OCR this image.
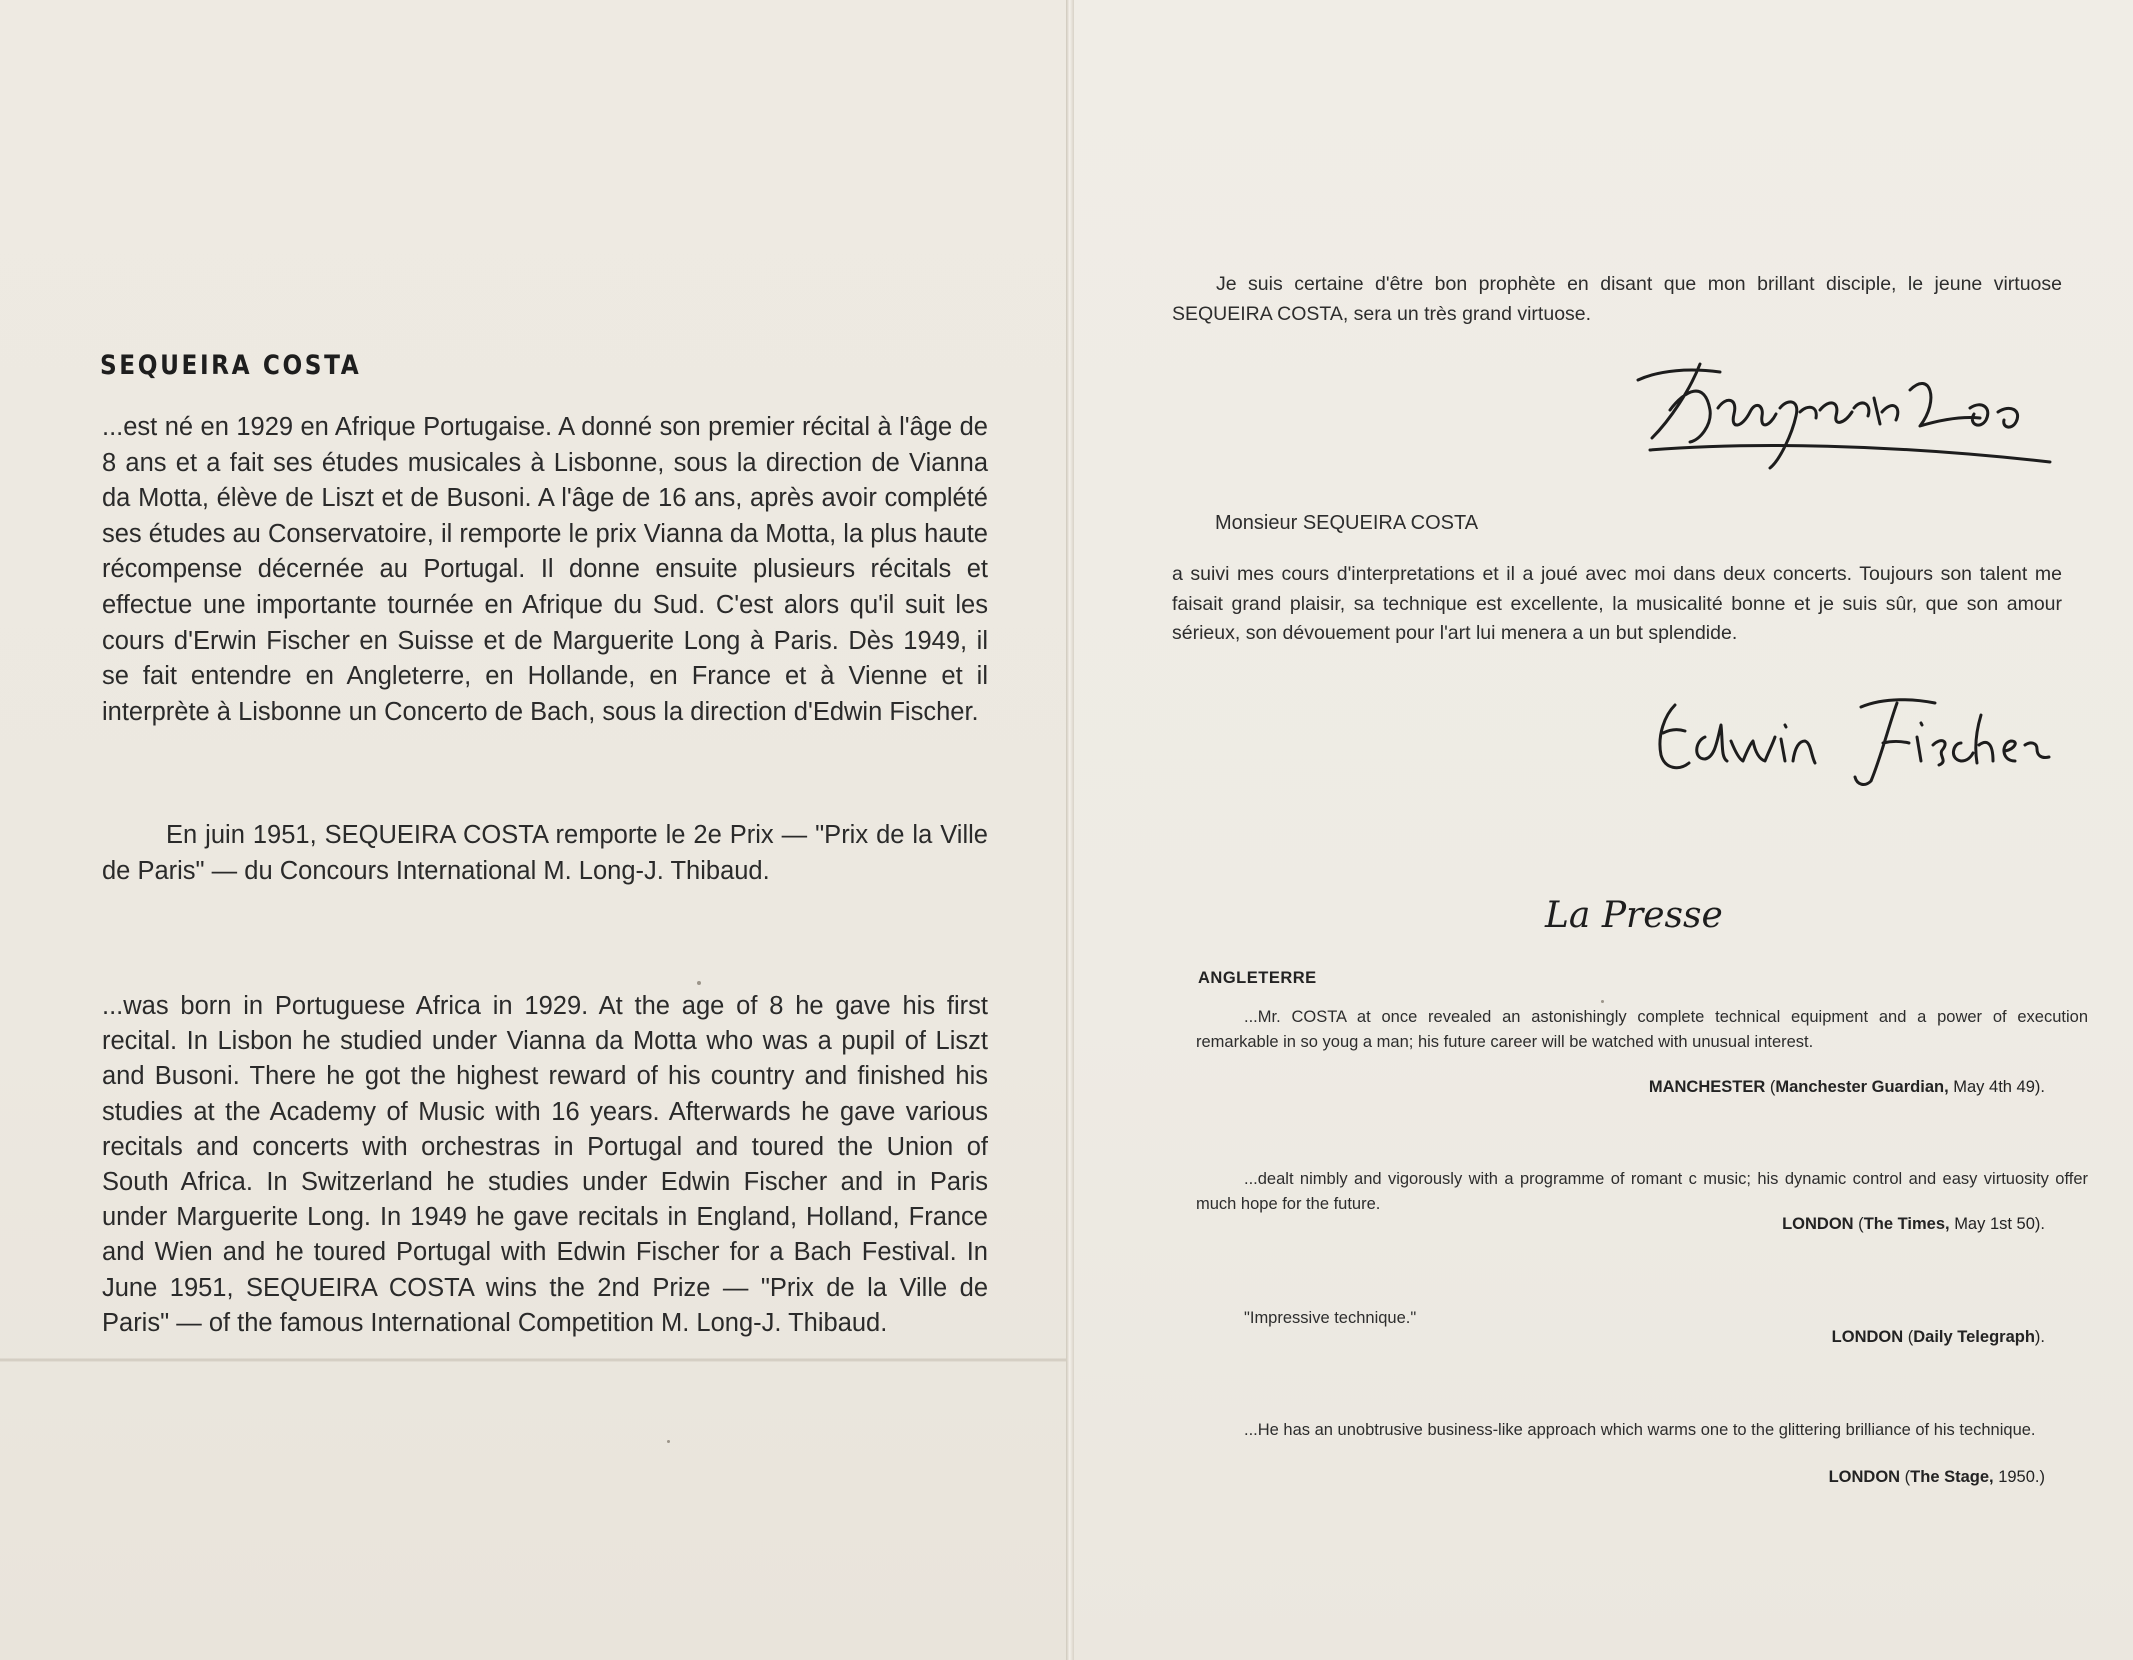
SEQUEIRA COSTA

...est né en 1929 en Afrique Portugaise. A donné son premier récital à l'âge de 8 ans et a fait ses études musicales à Lisbonne, sous la direction de Vianna da Motta, élève de Liszt et de Busoni. A l'âge de 16 ans, après avoir complété ses études au Conservatoire, il remporte le prix Vianna da Motta, la plus haute récompense décernée au Portugal. Il donne ensuite plusieurs récitals et effectue une importante tournée en Afrique du Sud. C'est alors qu'il suit les cours d'Erwin Fischer en Suisse et de Marguerite Long à Paris. Dès 1949, il se fait entendre en Angleterre, en Hollande, en France et à Vienne et il interprète à Lisbonne un Concerto de Bach, sous la direction d'Edwin Fischer.

En juin 1951, SEQUEIRA COSTA remporte le 2e Prix — "Prix de la Ville de Paris" — du Concours International M. Long-J. Thibaud.

...was born in Portuguese Africa in 1929. At the age of 8 he gave his first recital. In Lisbon he studied under Vianna da Motta who was a pupil of Liszt and Busoni. There he got the highest reward of his country and finished his studies at the Academy of Music with 16 years. Afterwards he gave various recitals and concerts with orchestras in Portugal and toured the Union of South Africa. In Switzerland he studies under Edwin Fischer and in Paris under Marguerite Long. In 1949 he gave recitals in England, Holland, France and Wien and he toured Portugal with Edwin Fischer for a Bach Festival. In June 1951, SEQUEIRA COSTA wins the 2nd Prize — "Prix de la Ville de Paris" — of the famous International Competition M. Long-J. Thibaud.

Je suis certaine d'être bon prophète en disant que mon brillant disciple, le jeune virtuose SEQUEIRA COSTA, sera un très grand virtuose.

Monsieur SEQUEIRA COSTA

a suivi mes cours d'interpretations et il a joué avec moi dans deux concerts. Toujours son talent me faisait grand plaisir, sa technique est excellente, la musicalité bonne et je suis sûr, que son amour sérieux, son dévouement pour l'art lui menera a un but splendide.

La Presse
ANGLETERRE

...Mr. COSTA at once revealed an astonishingly complete technical equipment and a power of execution remarkable in so youg a man; his future career will be watched with unusual interest.

MANCHESTER (Manchester Guardian, May 4th 49).

...dealt nimbly and vigorously with a programme of romant c music; his dynamic control and easy virtuosity offer much hope for the future.

LONDON (The Times, May 1st 50).

"Impressive technique."

LONDON (Daily Telegraph).

...He has an unobtrusive business-like approach which warms one to the glittering brilliance of his technique.

LONDON (The Stage, 1950.)
